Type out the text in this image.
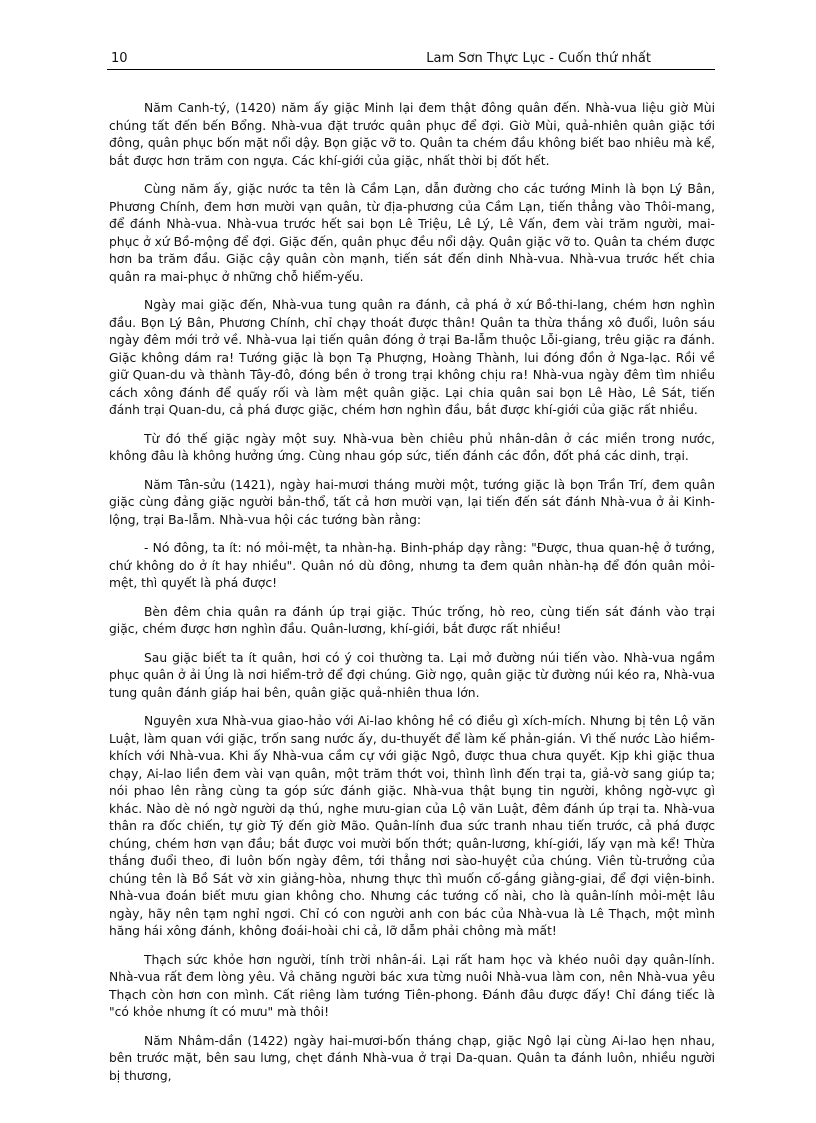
10	Lam Sơn Thực Lục - Cuốn thứ nhất

Năm Canh-tý, (1420) năm ấy giặc Minh lại đem thật đông quân đến. Nhà-vua liệu giờ Mùi chúng tất đến bến Bổng. Nhà-vua đặt trước quân phục để đợi. Giờ Mùi, quả-nhiên quân giặc tới đông, quân phục bốn mặt nổi dậy. Bọn giặc vỡ to. Quân ta chém đầu không biết bao nhiêu mà kể, bắt được hơn trăm con ngựa. Các khí-giới của giặc, nhất thời bị đốt hết.

Cùng năm ấy, giặc nước ta tên là Cầm Lạn, dẫn đường cho các tướng Minh là bọn Lý Bân, Phương Chính, đem hơn mười vạn quân, từ địa-phương của Cầm Lạn, tiến thẳng vào Thôi-mang, để đánh Nhà-vua. Nhà-vua trước hết sai bọn Lê Triệu, Lê Lý, Lê Vấn, đem vài trăm người, mai-phục ở xứ Bồ-mộng để đợi. Giặc đến, quân phục đều nổi dậy. Quân giặc vỡ to. Quân ta chém được hơn ba trăm đầu. Giặc cậy quân còn mạnh, tiến sát đến dinh Nhà-vua. Nhà-vua trước hết chia quân ra mai-phục ở những chỗ hiểm-yếu.

Ngày mai giặc đến, Nhà-vua tung quân ra đánh, cả phá ở xứ Bồ-thi-lang, chém hơn nghìn đầu. Bọn Lý Bân, Phương Chính, chỉ chạy thoát được thân! Quân ta thừa thắng xô đuổi, luôn sáu ngày đêm mới trở về. Nhà-vua lại tiến quân đóng ở trại Ba-lẫm thuộc Lỗi-giang, trêu giặc ra đánh. Giặc không dám ra! Tướng giặc là bọn Tạ Phượng, Hoàng Thành, lui đóng đồn ở Nga-lạc. Rồi về giữ Quan-du và thành Tây-đô, đóng bền ở trong trại không chịu ra! Nhà-vua ngày đêm tìm nhiều cách xông đánh để quấy rối và làm mệt quân giặc. Lại chia quân sai bọn Lê Hào, Lê Sát, tiến đánh trại Quan-du, cả phá được giặc, chém hơn nghìn đầu, bắt được khí-giới của giặc rất nhiều.

Từ đó thế giặc ngày một suy. Nhà-vua bèn chiêu phủ nhân-dân ở các miền trong nước, không đâu là không hưởng ứng. Cùng nhau góp sức, tiến đánh các đồn, đốt phá các dinh, trại.

Năm Tân-sửu (1421), ngày hai-mươi tháng mười một, tướng giặc là bọn Trần Trí, đem quân giặc cùng đảng giặc người bản-thổ, tất cả hơn mười vạn, lại tiến đến sát đánh Nhà-vua ở ải Kinh-lộng, trại Ba-lẫm. Nhà-vua hội các tướng bàn rằng:

- Nó đông, ta ít: nó mỏi-mệt, ta nhàn-hạ. Binh-pháp dạy rằng: "Được, thua quan-hệ ở tướng, chứ không do ở ít hay nhiều". Quân nó dù đông, nhưng ta đem quân nhàn-hạ để đón quân mỏi-mệt, thì quyết là phá được!

Bèn đêm chia quân ra đánh úp trại giặc. Thúc trống, hò reo, cùng tiến sát đánh vào trại giặc, chém được hơn nghìn đầu. Quân-lương, khí-giới, bắt được rất nhiều!

Sau giặc biết ta ít quân, hơi có ý coi thường ta. Lại mở đường núi tiến vào. Nhà-vua ngầm phục quân ở ải Úng là nơi hiểm-trở để đợi chúng. Giờ ngọ, quân giặc từ đường núi kéo ra, Nhà-vua tung quân đánh giáp hai bên, quân giặc quả-nhiên thua lớn.

Nguyên xưa Nhà-vua giao-hảo với Ai-lao không hề có điều gì xích-mích. Nhưng bị tên Lộ văn Luật, làm quan với giặc, trốn sang nước ấy, du-thuyết để làm kế phản-gián. Vì thế nước Lào hiềm-khích với Nhà-vua. Khi ấy Nhà-vua cầm cự với giặc Ngô, được thua chưa quyết. Kịp khi giặc thua chạy, Ai-lao liền đem vài vạn quân, một trăm thớt voi, thình lình đến trại ta, giả-vờ sang giúp ta; nói phao lên rằng cùng ta góp sức đánh giặc. Nhà-vua thật bụng tin người, không ngờ-vực gì khác. Nào dè nó ngờ người dạ thú, nghe mưu-gian của Lộ văn Luật, đêm đánh úp trại ta. Nhà-vua thân ra đốc chiến, tự giờ Tý đến giờ Mão. Quân-lính đua sức tranh nhau tiến trước, cả phá được chúng, chém hơn vạn đầu; bắt được voi mười bốn thớt; quân-lương, khí-giới, lấy vạn mà kể! Thừa thắng đuổi theo, đi luôn bốn ngày đêm, tới thẳng nơi sào-huyệt của chúng. Viên tù-trưởng của chúng tên là Bồ Sát vờ xin giảng-hòa, nhưng thực thì muốn cố-gắng giằng-giai, để đợi viện-binh. Nhà-vua đoán biết mưu gian không cho. Nhưng các tướng cố nài, cho là quân-lính mỏi-mệt lâu ngày, hãy nên tạm nghỉ ngơi. Chỉ có con người anh con bác của Nhà-vua là Lê Thạch, một mình hăng hái xông đánh, không đoái-hoài chi cả, lỡ dẫm phải chông mà mất!

Thạch sức khỏe hơn người, tính trời nhân-ái. Lại rất ham học và khéo nuôi dạy quân-lính. Nhà-vua rất đem lòng yêu. Vả chăng người bác xưa từng nuôi Nhà-vua làm con, nên Nhà-vua yêu Thạch còn hơn con mình. Cất riêng làm tướng Tiên-phong. Đánh đâu được đấy! Chỉ đáng tiếc là "có khỏe nhưng ít có mưu" mà thôi!

Năm Nhâm-dần (1422) ngày hai-mươi-bốn tháng chạp, giặc Ngô lại cùng Ai-lao hẹn nhau, bên trước mặt, bên sau lưng, chẹt đánh Nhà-vua ở trại Da-quan. Quân ta đánh luôn, nhiều người bị thương,
